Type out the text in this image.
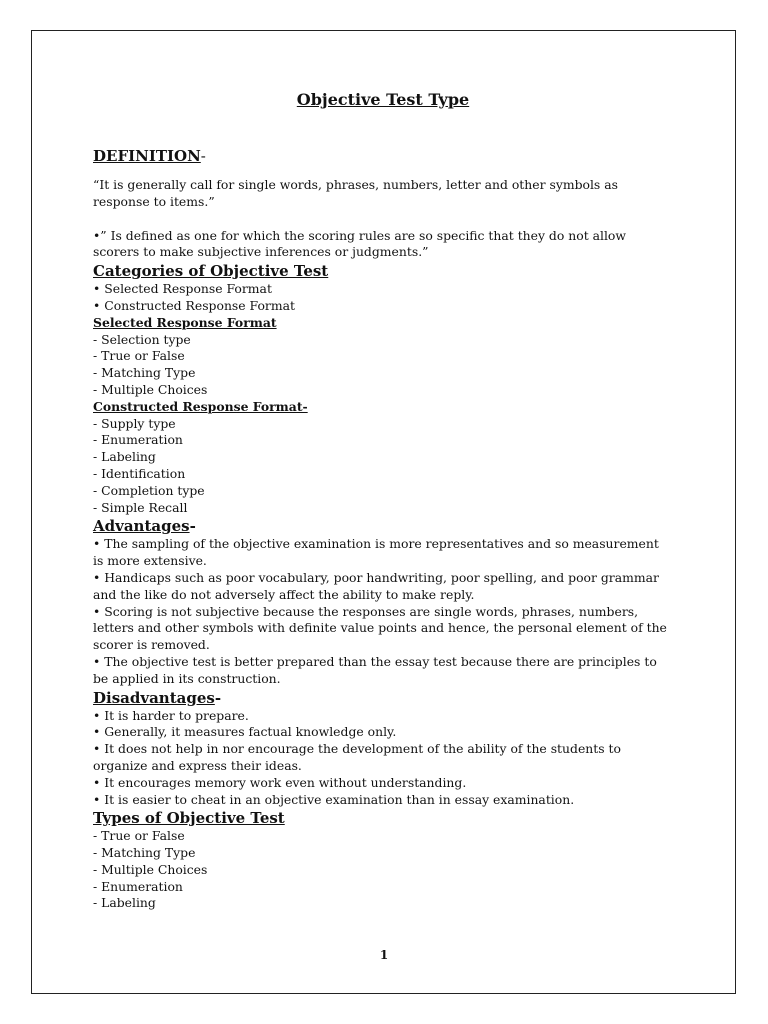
Objective Test Type
DEFINITION-

“It is generally call for single words, phrases, numbers, letter and other symbols as response to items.”

•” Is defined as one for which the scoring rules are so specific that they do not allow scorers to make subjective inferences or judgments.”

Categories of Objective Test
• Selected Response Format
• Constructed Response Format
Selected Response Format
- Selection type
- True or False
- Matching Type
- Multiple Choices
Constructed Response Format-
- Supply type
- Enumeration
- Labeling
- Identification
- Completion type
- Simple Recall
Advantages-
• The sampling of the objective examination is more representatives and so measurement is more extensive.
• Handicaps such as poor vocabulary, poor handwriting, poor spelling, and poor grammar and the like do not adversely affect the ability to make reply.
• Scoring is not subjective because the responses are single words, phrases, numbers, letters and other symbols with definite value points and hence, the personal element of the scorer is removed.
• The objective test is better prepared than the essay test because there are principles to be applied in its construction.
Disadvantages-
• It is harder to prepare.
• Generally, it measures factual knowledge only.
• It does not help in nor encourage the development of the ability of the students to organize and express their ideas.
• It encourages memory work even without understanding.
• It is easier to cheat in an objective examination than in essay examination.
Types of Objective Test
- True or False
- Matching Type
- Multiple Choices
- Enumeration
- Labeling
1
